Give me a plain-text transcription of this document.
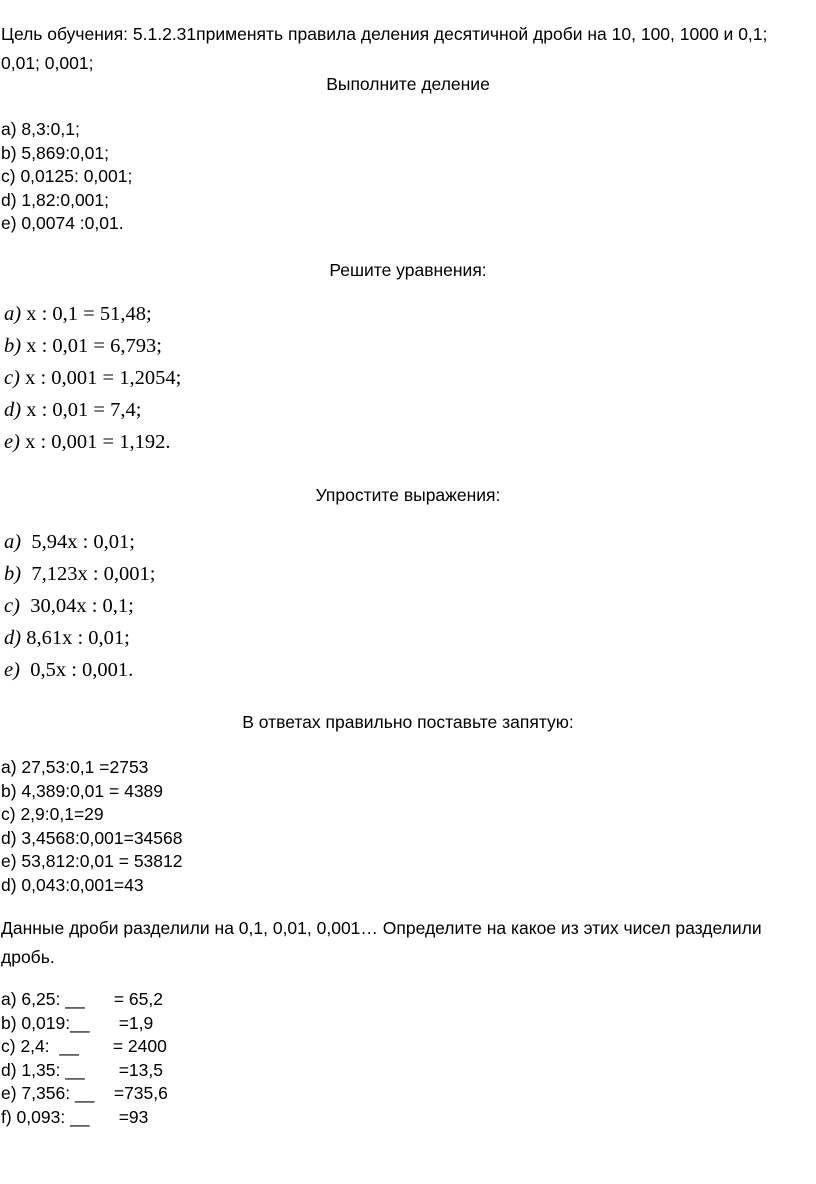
Цель обучения: 5.1.2.31применять правила деления десятичной дроби на 10, 100, 1000 и 0,1; 0,01; 0,001;
Выполните деление
a) 8,3:0,1;
b) 5,869:0,01;
c) 0,0125: 0,001;
d) 1,82:0,001;
e) 0,0074 :0,01.
Решите уравнения:
a) x : 0,1 = 51,48;
b) x : 0,01 = 6,793;
c) x : 0,001 = 1,2054;
d) x : 0,01 = 7,4;
e) x : 0,001 = 1,192.
Упростите выражения:
a)  5,94x : 0,01;
b)  7,123x : 0,001;
c)  30,04x : 0,1;
d) 8,61x : 0,01;
e)  0,5x : 0,001.
В ответах правильно поставьте запятую:
a) 27,53:0,1 =2753
b) 4,389:0,01 = 4389
c) 2,9:0,1=29
d) 3,4568:0,001=34568
e) 53,812:0,01 = 53812
d) 0,043:0,001=43
Данные дроби разделили на 0,1, 0,01, 0,001… Определите на какое из этих чисел разделили дробь.
a) 6,25: __      = 65,2
b) 0,019:__      =1,9
c) 2,4:  __       = 2400
d) 1,35: __       =13,5
e) 7,356: __    =735,6
f) 0,093: __      =93
